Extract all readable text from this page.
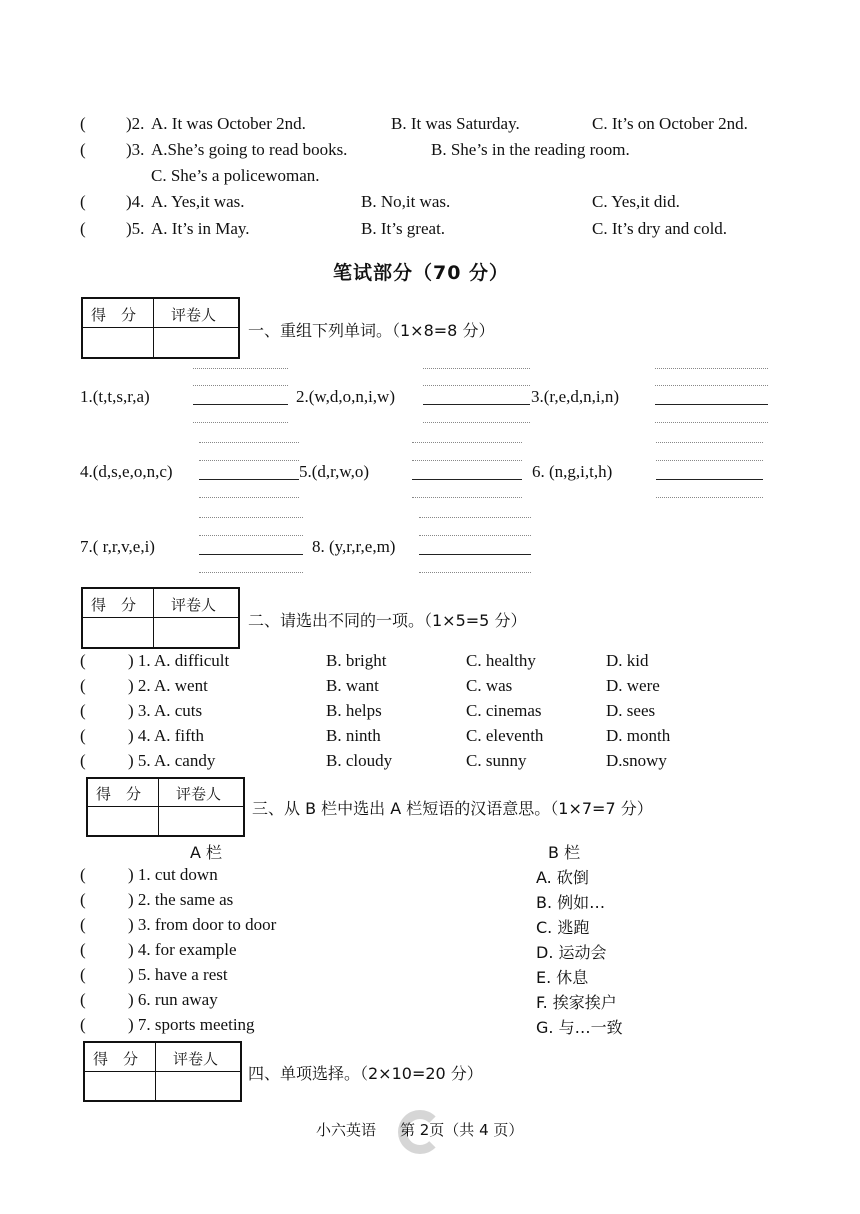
( )2. A. It was October 2nd.	B. It was Saturday.	C. It’s on October 2nd.
( )3. A.She’s going to read books.	B. She’s in the reading room.
C. She’s a policewoman.
( )4. A. Yes,it was.	B. No,it was.	C. Yes,it did.
( )5. A. It’s in May.	B. It’s great.	C. It’s dry and cold.
笔试部分（70 分）
得　分 评卷人
一、重组下列单词。（1×8=8 分）
1.(t,t,s,r,a)	2.(w,d,o,n,i,w)	3.(r,e,d,n,i,n)
4.(d,s,e,o,n,c)	5.(d,r,w,o)	6. (n,g,i,t,h)
7.( r,r,v,e,i)	8. (y,r,r,e,m)
得　分 评卷人
二、请选出不同的一项。（1×5=5 分）
( ) 1. A. difficult	B. bright	C. healthy	D. kid
( ) 2. A. went	B. want	C. was	D. were
( ) 3. A. cuts	B. helps	C. cinemas	D. sees
( ) 4. A. fifth	B. ninth	C. eleventh	D. month
( ) 5. A. candy	B. cloudy	C. sunny	D.snowy
得　分 评卷人
三、从 B 栏中选出 A 栏短语的汉语意思。（1×7=7 分）
A 栏	B 栏
( ) 1. cut down	A. 砍倒
( ) 2. the same as	B. 例如…
( ) 3. from door to door	C. 逃跑
( ) 4. for example	D. 运动会
( ) 5. have a rest	E. 休息
( ) 6. run away	F. 挨家挨户
( ) 7. sports meeting	G. 与…一致
得　分 评卷人
四、单项选择。（2×10=20 分）
小六英语 第 2页（共 4 页）
